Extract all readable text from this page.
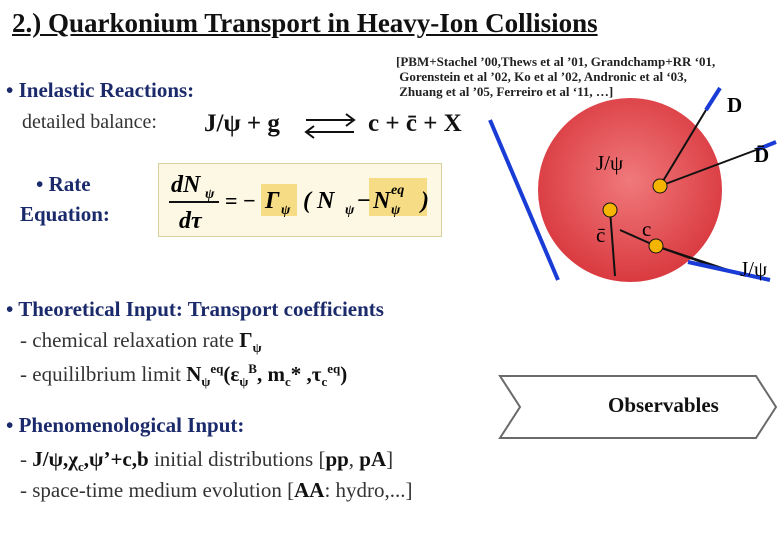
2.) Quarkonium Transport in Heavy-Ion Collisions
[PBM+Stachel ’00,Thews et al ’01, Grandchamp+RR ‘01,
Gorenstein et al ’02, Ko et al ’02, Andronic et al ‘03,
Zhuang et al ’05, Ferreiro et al ‘11, …]
• Inelastic Reactions:
detailed balance: J/ψ + g ⇌ c + c̄ + X
• Rate
Equation:
dN ψ
dτ
= − Γ ψ ( N ψ − N ψ
eq )
• Theoretical Input: Transport coefficients
- chemical relaxation rate $\Gamma_\psi$
- equililbrium limit $N_\psi^{eq}(\varepsilon_\psi^B$, $m_c*$ $,\tau_c^{eq}$)
• Phenomenological Input:
- $J/\psi,\chi_c,\psi’+c,b$ initial distributions [pp, pA]
- space-time medium evolution [AA: hydro,...]
D
D̄
J/ψ
c̄ c
J/ψ
Observables
